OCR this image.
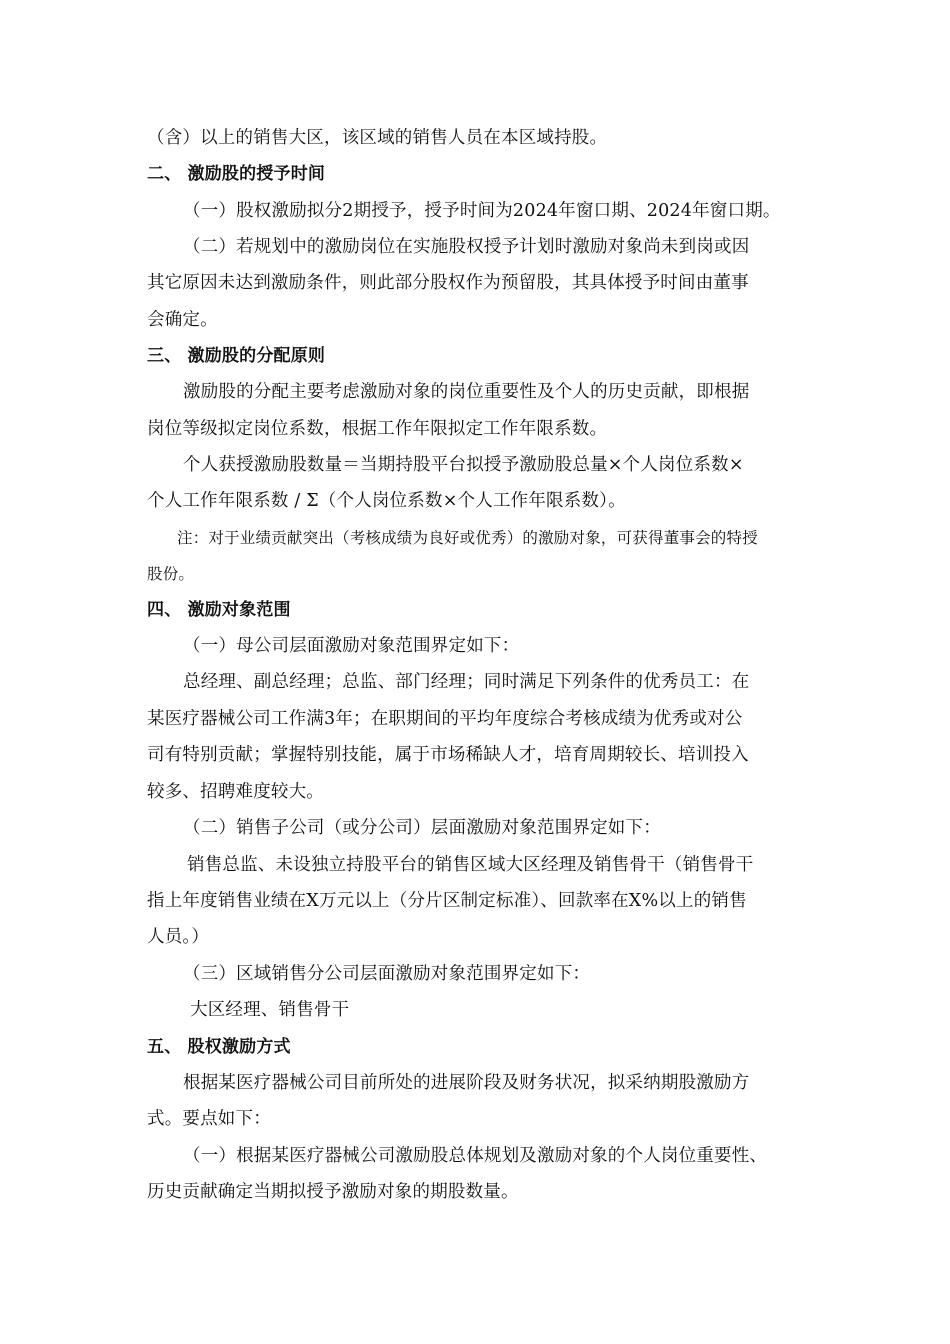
（含）以上的销售大区，该区域的销售人员在本区域持股。
二、 激励股的授予时间
（一）股权激励拟分2期授予，授予时间为2024年窗口期、2024年窗口期。
（二）若规划中的激励岗位在实施股权授予计划时激励对象尚未到岗或因
其它原因未达到激励条件，则此部分股权作为预留股，其具体授予时间由董事
会确定。
三、 激励股的分配原则
激励股的分配主要考虑激励对象的岗位重要性及个人的历史贡献，即根据
岗位等级拟定岗位系数，根据工作年限拟定工作年限系数。
个人获授激励股数量＝当期持股平台拟授予激励股总量×个人岗位系数×
个人工作年限系数 / Σ（个人岗位系数×个人工作年限系数）。
注：对于业绩贡献突出（考核成绩为良好或优秀）的激励对象，可获得董事会的特授
股份。
四、 激励对象范围
（一）母公司层面激励对象范围界定如下：
总经理、副总经理；总监、部门经理；同时满足下列条件的优秀员工：在
某医疗器械公司工作满3年；在职期间的平均年度综合考核成绩为优秀或对公
司有特别贡献；掌握特别技能，属于市场稀缺人才，培育周期较长、培训投入
较多、招聘难度较大。
（二）销售子公司（或分公司）层面激励对象范围界定如下：
销售总监、未设独立持股平台的销售区域大区经理及销售骨干（销售骨干
指上年度销售业绩在X万元以上（分片区制定标准）、回款率在X%以上的销售
人员。）
（三）区域销售分公司层面激励对象范围界定如下：
大区经理、销售骨干
五、 股权激励方式
根据某医疗器械公司目前所处的进展阶段及财务状况，拟采纳期股激励方
式。要点如下：
（一）根据某医疗器械公司激励股总体规划及激励对象的个人岗位重要性、
历史贡献确定当期拟授予激励对象的期股数量。
